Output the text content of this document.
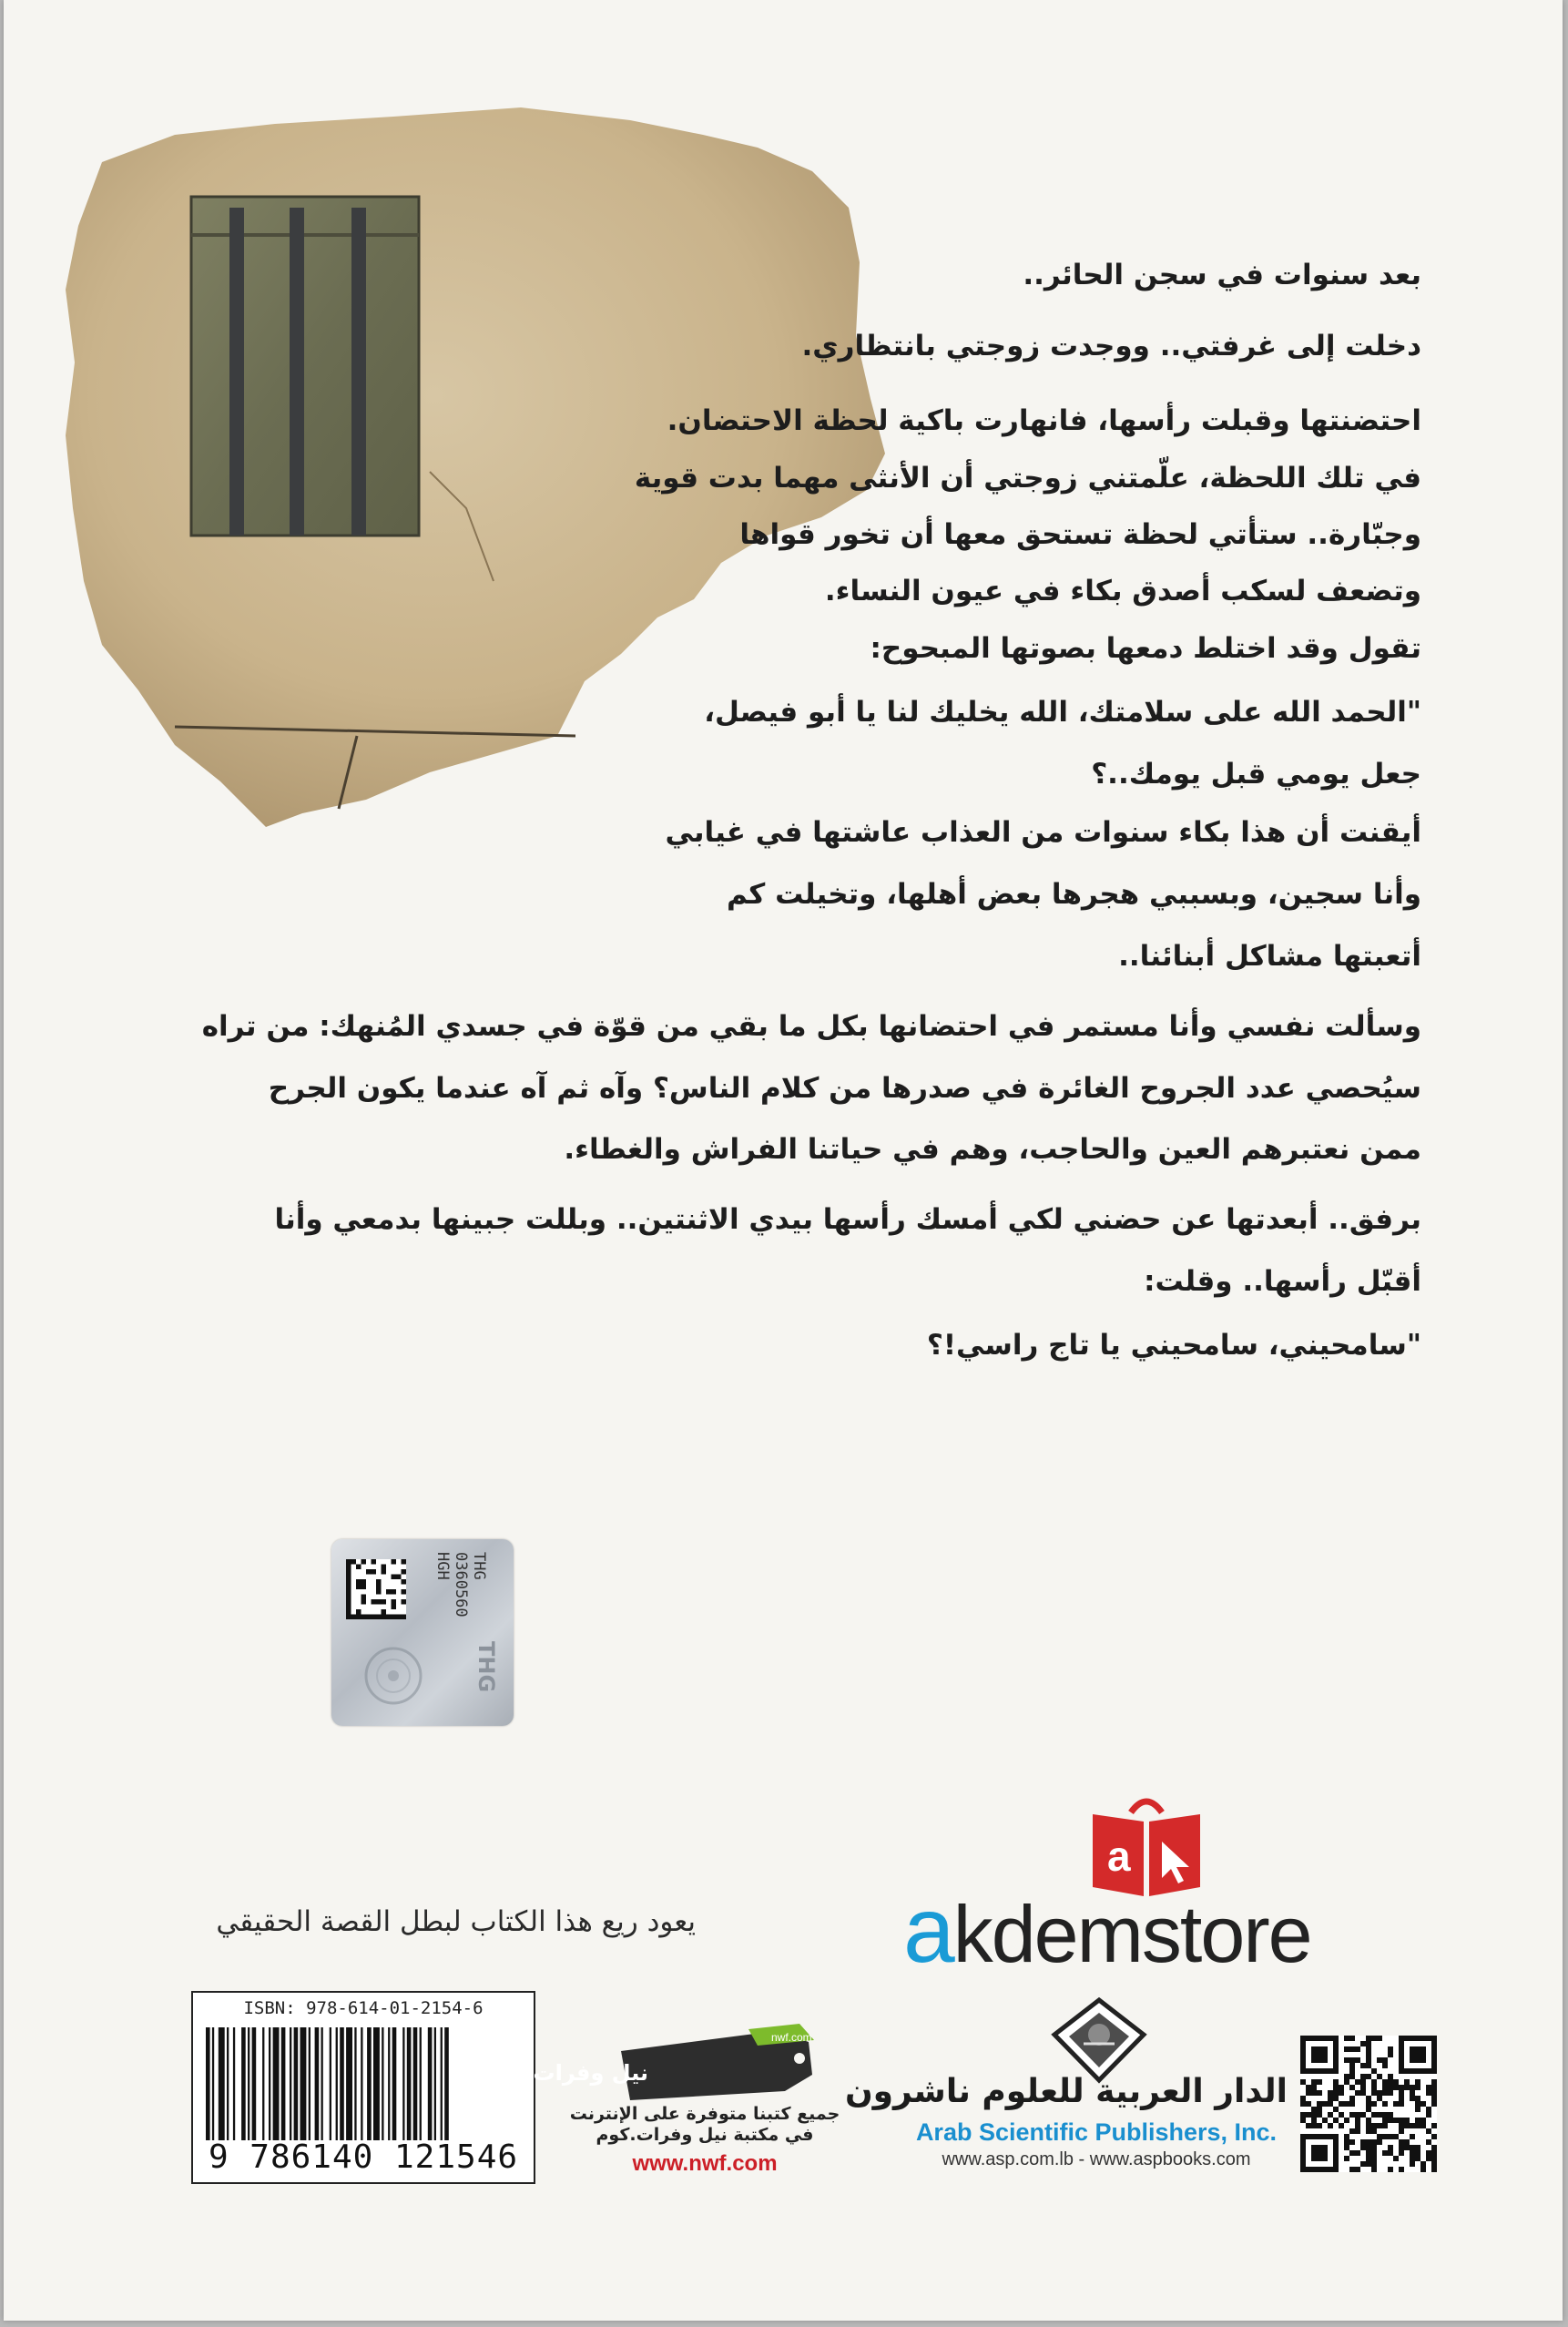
بعد سنوات في سجن الحائر..
دخلت إلى غرفتي.. ووجدت زوجتي بانتظاري.
احتضنتها وقبلت رأسها، فانهارت باكية لحظة الاحتضان.
في تلك اللحظة، علّمتني زوجتي أن الأنثى مهما بدت قوية
وجبّارة.. ستأتي لحظة تستحق معها أن تخور قواها
وتضعف لسكب أصدق بكاء في عيون النساء.
تقول وقد اختلط دمعها بصوتها المبحوح:
"الحمد الله على سلامتك، الله يخليك لنا يا أبو فيصل،
جعل يومي قبل يومك..؟
أيقنت أن هذا بكاء سنوات من العذاب عاشتها في غيابي
وأنا سجين، وبسببي هجرها بعض أهلها، وتخيلت كم
أتعبتها مشاكل أبنائنا..
وسألت نفسي وأنا مستمر في احتضانها بكل ما بقي من قوّة في جسدي المُنهك: من تراه
سيُحصي عدد الجروح الغائرة في صدرها من كلام الناس؟ وآه ثم آه عندما يكون الجرح
ممن نعتبرهم العين والحاجب، وهم في حياتنا الفراش والغطاء.
برفق.. أبعدتها عن حضني لكي أمسك رأسها بيدي الاثنتين.. وبللت جبينها بدمعي وأنا
أقبّل رأسها.. وقلت:
"سامحيني، سامحيني يا تاج راسي!؟
THG
0360560
HGH
THG
a
akdemstore
يعود ريع هذا الكتاب لبطل القصة الحقيقي
ISBN: 978-614-01-2154-6
9 786140 121546
nwf.com
نيل وفرات.كوم
جميع كتبنا متوفرة على الإنترنت
في مكتبة نيل وفرات.كوم
www.nwf.com
الدار العربية للعلوم ناشرون
Arab Scientific Publishers, Inc.
www.asp.com.lb - www.aspbooks.com
